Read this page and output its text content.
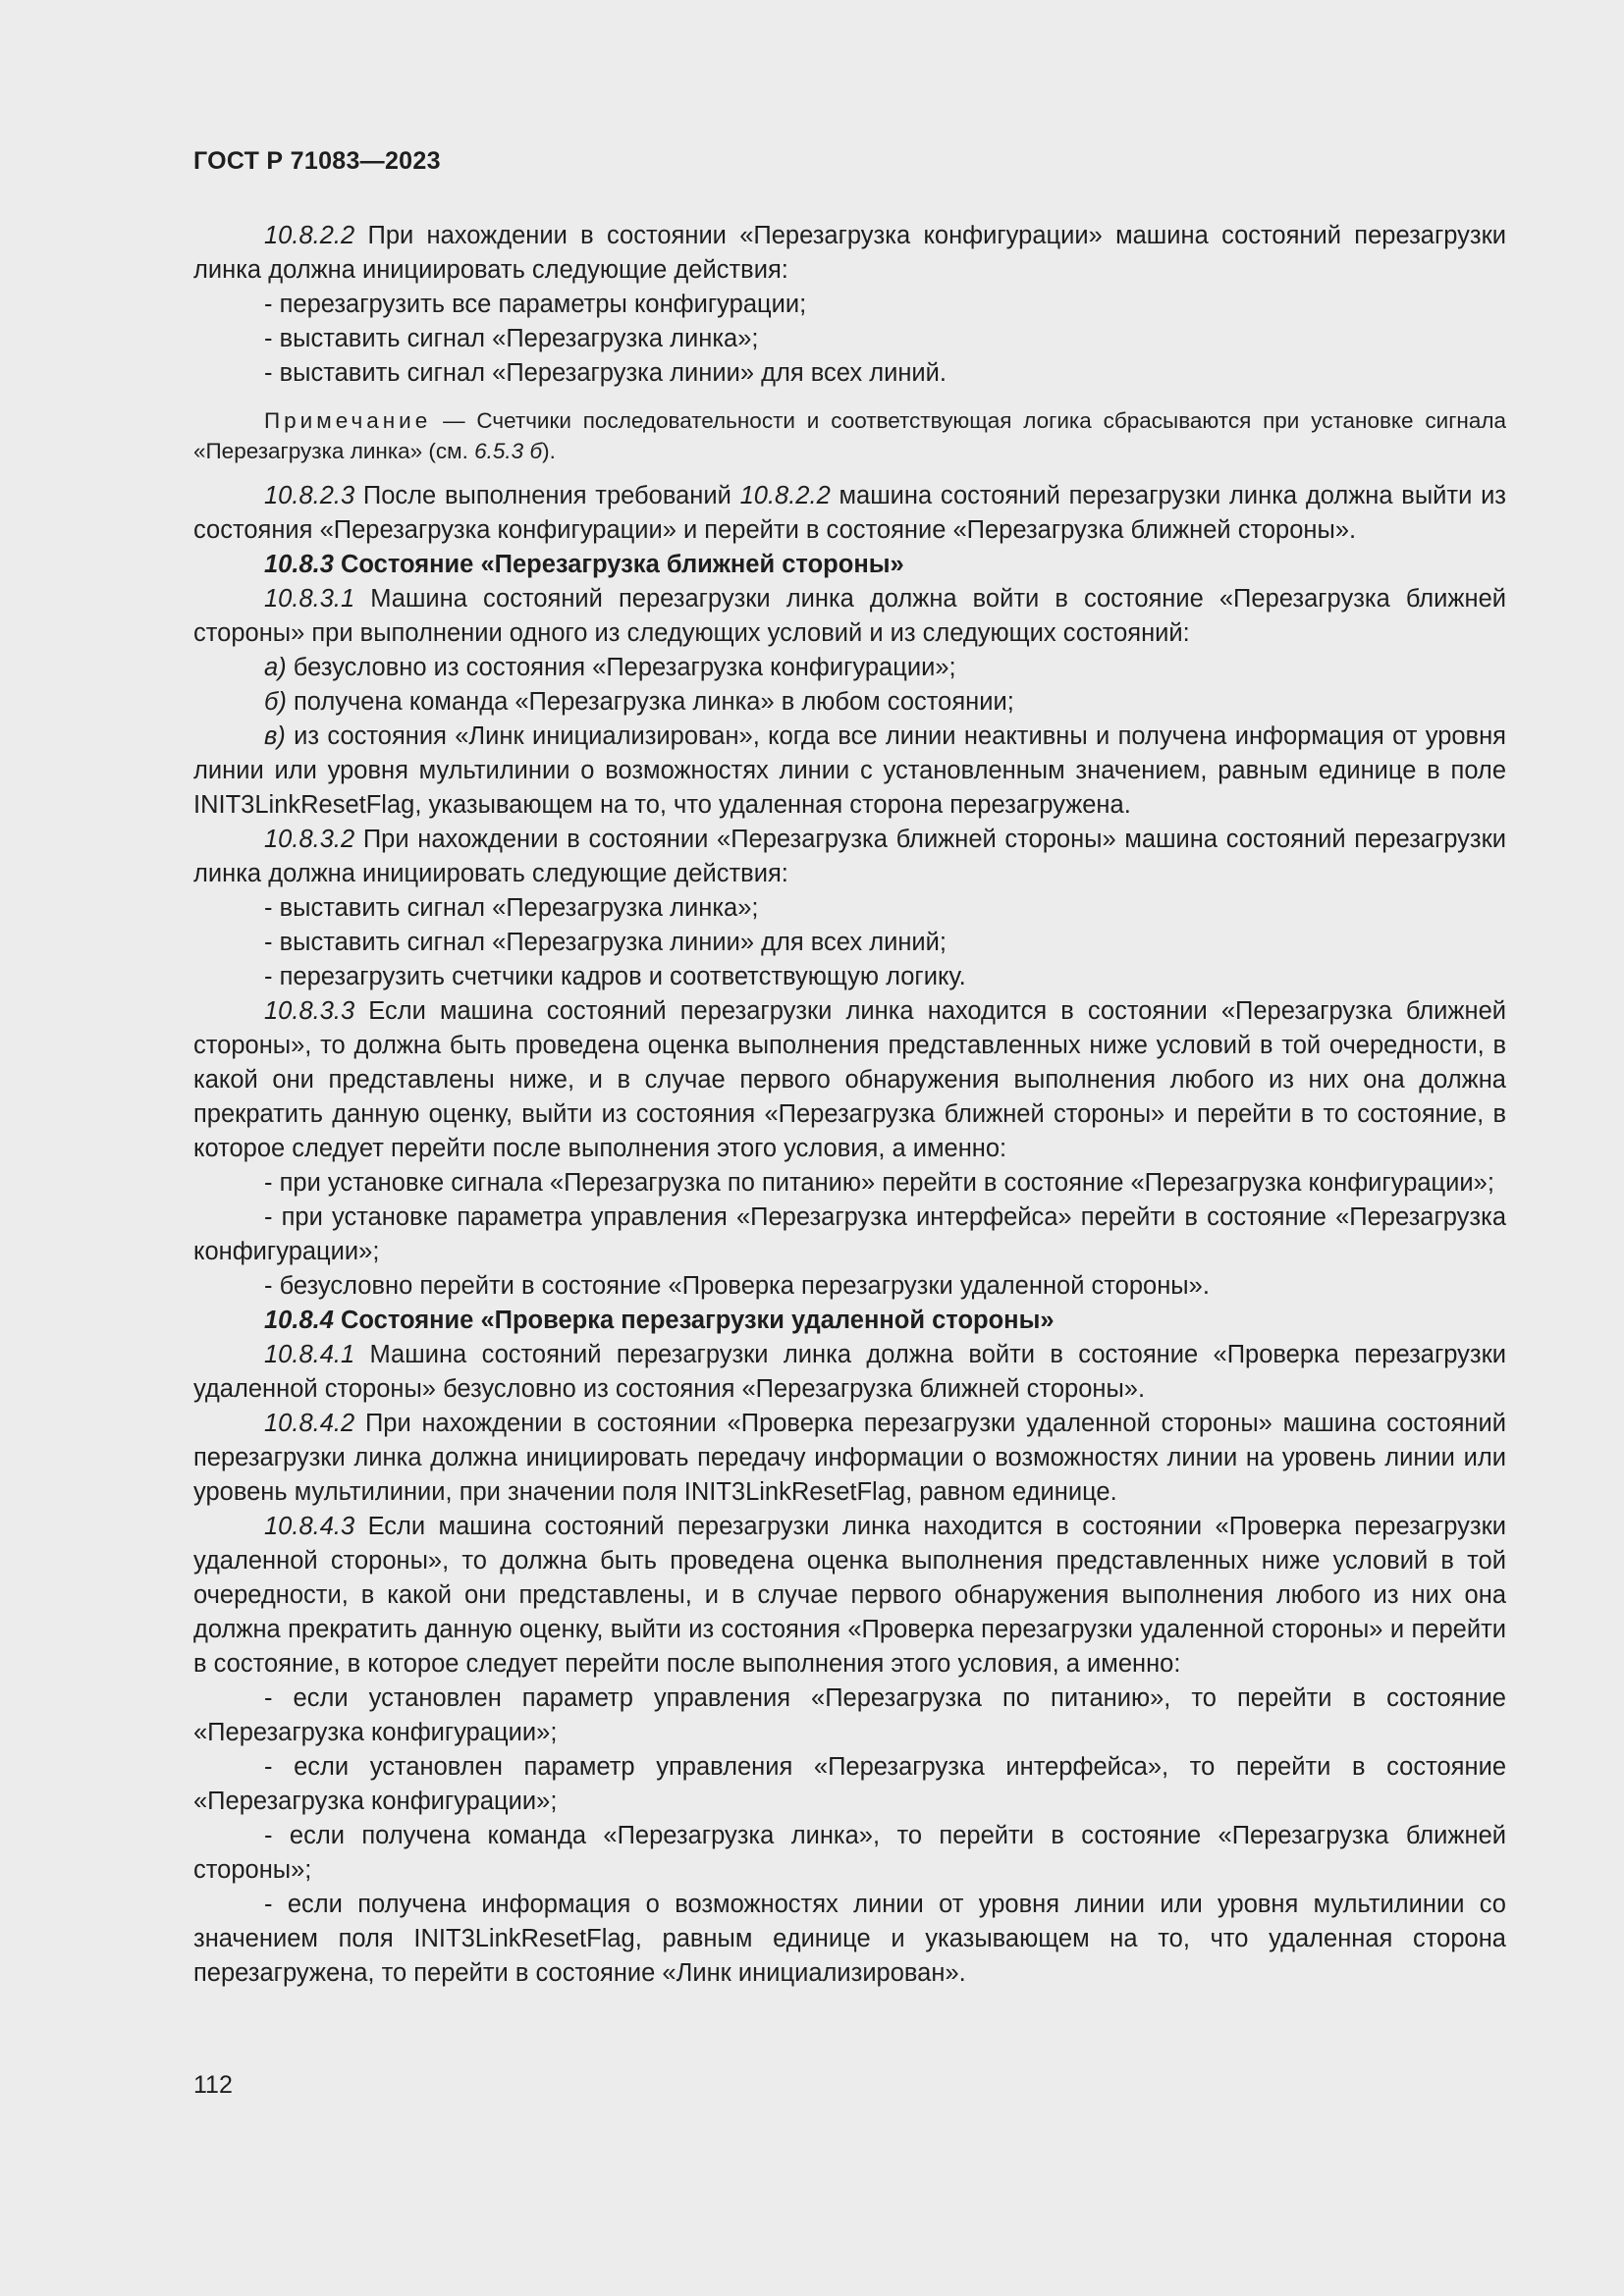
ГОСТ Р 71083—2023

10.8.2.2 При нахождении в состоянии «Перезагрузка конфигурации» машина состояний перезагрузки линка должна инициировать следующие действия:

- перезагрузить все параметры конфигурации;

- выставить сигнал «Перезагрузка линка»;

- выставить сигнал «Перезагрузка линии» для всех линий.

Примечание — Счетчики последовательности и соответствующая логика сбрасываются при установке сигнала «Перезагрузка линка» (см. 6.5.3 б).

10.8.2.3 После выполнения требований 10.8.2.2 машина состояний перезагрузки линка должна выйти из состояния «Перезагрузка конфигурации» и перейти в состояние «Перезагрузка ближней стороны».

10.8.3 Состояние «Перезагрузка ближней стороны»

10.8.3.1 Машина состояний перезагрузки линка должна войти в состояние «Перезагрузка ближней стороны» при выполнении одного из следующих условий и из следующих состояний:

а) безусловно из состояния «Перезагрузка конфигурации»;

б) получена команда «Перезагрузка линка» в любом состоянии;

в) из состояния «Линк инициализирован», когда все линии неактивны и получена информация от уровня линии или уровня мультилинии о возможностях линии с установленным значением, равным единице в поле INIT3LinkResetFlag, указывающем на то, что удаленная сторона перезагружена.

10.8.3.2 При нахождении в состоянии «Перезагрузка ближней стороны» машина состояний перезагрузки линка должна инициировать следующие действия:

- выставить сигнал «Перезагрузка линка»;

- выставить сигнал «Перезагрузка линии» для всех линий;

- перезагрузить счетчики кадров и соответствующую логику.

10.8.3.3 Если машина состояний перезагрузки линка находится в состоянии «Перезагрузка ближней стороны», то должна быть проведена оценка выполнения представленных ниже условий в той очередности, в какой они представлены ниже, и в случае первого обнаружения выполнения любого из них она должна прекратить данную оценку, выйти из состояния «Перезагрузка ближней стороны» и перейти в то состояние, в которое следует перейти после выполнения этого условия, а именно:

- при установке сигнала «Перезагрузка по питанию» перейти в состояние «Перезагрузка конфигурации»;

- при установке параметра управления «Перезагрузка интерфейса» перейти в состояние «Перезагрузка конфигурации»;

- безусловно перейти в состояние «Проверка перезагрузки удаленной стороны».

10.8.4 Состояние «Проверка перезагрузки удаленной стороны»

10.8.4.1 Машина состояний перезагрузки линка должна войти в состояние «Проверка перезагрузки удаленной стороны» безусловно из состояния «Перезагрузка ближней стороны».

10.8.4.2 При нахождении в состоянии «Проверка перезагрузки удаленной стороны» машина состояний перезагрузки линка должна инициировать передачу информации о возможностях линии на уровень линии или уровень мультилинии, при значении поля INIT3LinkResetFlag, равном единице.

10.8.4.3 Если машина состояний перезагрузки линка находится в состоянии «Проверка перезагрузки удаленной стороны», то должна быть проведена оценка выполнения представленных ниже условий в той очередности, в какой они представлены, и в случае первого обнаружения выполнения любого из них она должна прекратить данную оценку, выйти из состояния «Проверка перезагрузки удаленной стороны» и перейти в состояние, в которое следует перейти после выполнения этого условия, а именно:

- если установлен параметр управления «Перезагрузка по питанию», то перейти в состояние «Перезагрузка конфигурации»;

- если установлен параметр управления «Перезагрузка интерфейса», то перейти в состояние «Перезагрузка конфигурации»;

- если получена команда «Перезагрузка линка», то перейти в состояние «Перезагрузка ближней стороны»;

- если получена информация о возможностях линии от уровня линии или уровня мультилинии со значением поля INIT3LinkResetFlag, равным единице и указывающем на то, что удаленная сторона перезагружена, то перейти в состояние «Линк инициализирован».

112
